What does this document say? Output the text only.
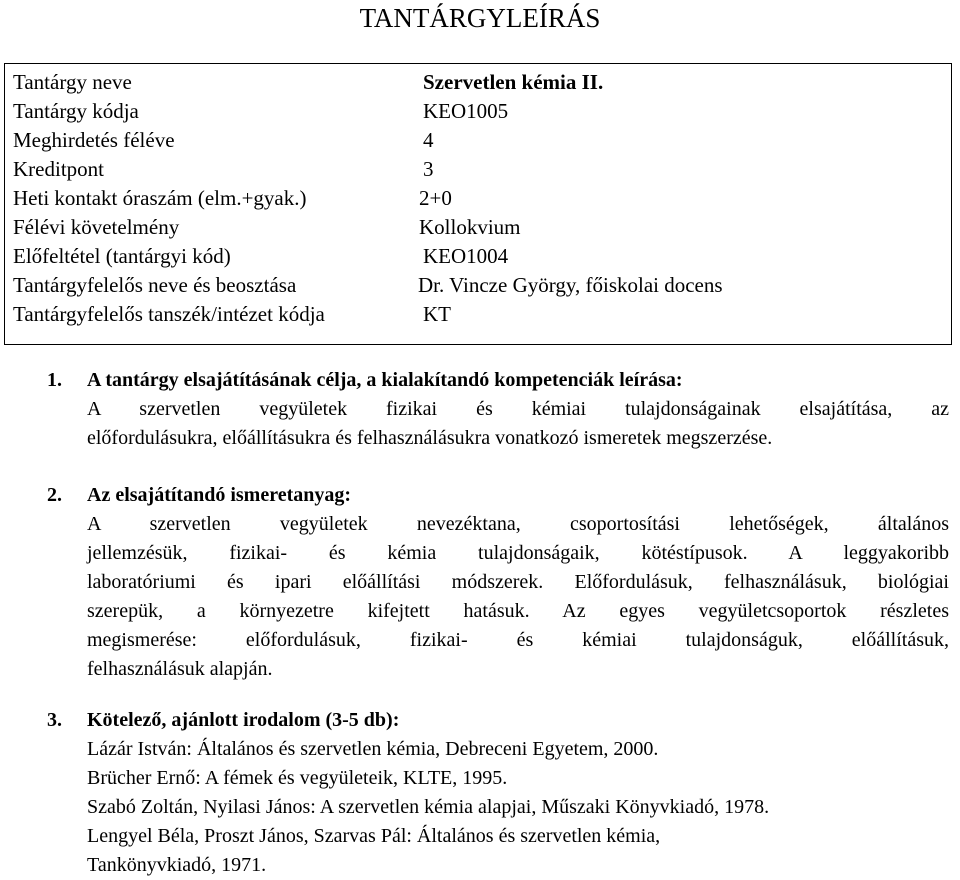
TANTÁRGYLEÍRÁS
Tantárgy neve	Szervetlen kémia II.
Tantárgy kódja	KEO1005
Meghirdetés féléve	4
Kreditpont	3
Heti kontakt óraszám (elm.+gyak.)	2+0
Félévi követelmény	Kollokvium
Előfeltétel (tantárgyi kód)	KEO1004
Tantárgyfelelős neve és beosztása	Dr. Vincze György, főiskolai docens
Tantárgyfelelős tanszék/intézet kódja	KT
1. A tantárgy elsajátításának célja, a kialakítandó kompetenciák leírása:
A szervetlen vegyületek fizikai és kémiai tulajdonságainak elsajátítása, az
előfordulásukra, előállításukra és felhasználásukra vonatkozó ismeretek megszerzése.
2. Az elsajátítandó ismeretanyag:
A szervetlen vegyületek nevezéktana, csoportosítási lehetőségek, általános
jellemzésük, fizikai- és kémia tulajdonságaik, kötéstípusok. A leggyakoribb
laboratóriumi és ipari előállítási módszerek. Előfordulásuk, felhasználásuk, biológiai
szerepük, a környezetre kifejtett hatásuk. Az egyes vegyületcsoportok részletes
megismerése: előfordulásuk, fizikai- és kémiai tulajdonságuk, előállításuk,
felhasználásuk alapján.
3. Kötelező, ajánlott irodalom (3-5 db):
Lázár István: Általános és szervetlen kémia, Debreceni Egyetem, 2000.
Brücher Ernő: A fémek és vegyületeik, KLTE, 1995.
Szabó Zoltán, Nyilasi János: A szervetlen kémia alapjai, Műszaki Könyvkiadó, 1978.
Lengyel Béla, Proszt János, Szarvas Pál: Általános és szervetlen kémia,
Tankönyvkiadó, 1971.
